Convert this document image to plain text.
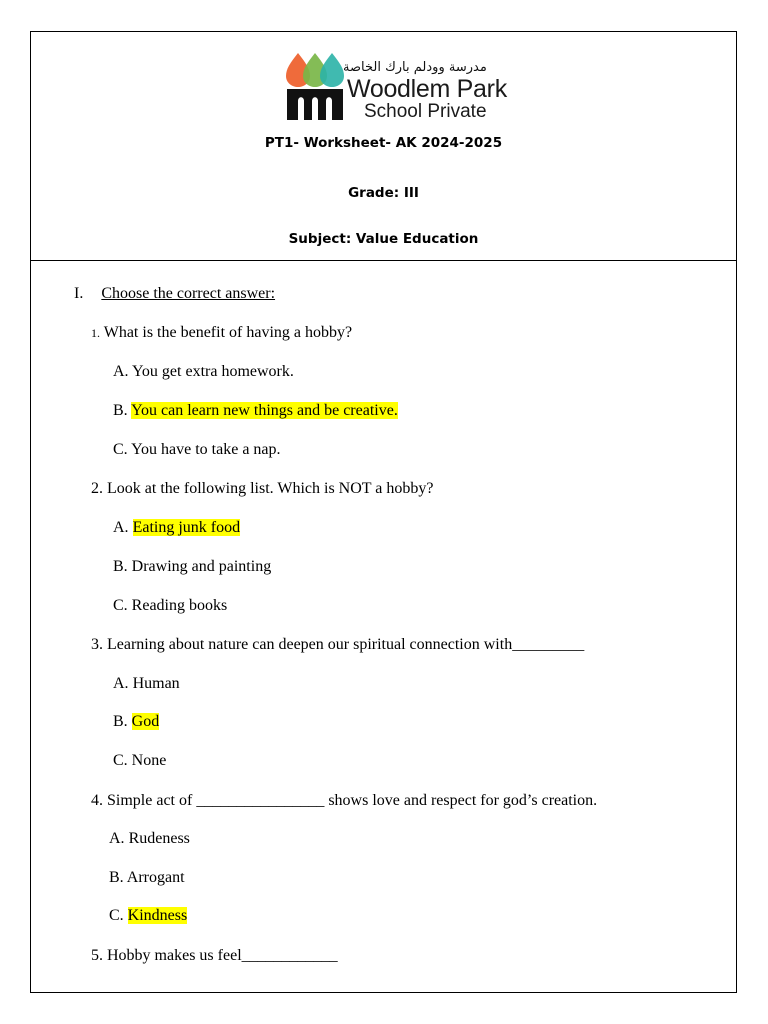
مدرسة وودلم بارك الخاصة
Woodlem Park
School Private
PT1- Worksheet- AK 2024-2025
Grade: III
Subject: Value Education
I. Choose the correct answer:
1. What is the benefit of having a hobby?
A. You get extra homework.
B. You can learn new things and be creative.
C. You have to take a nap.
2. Look at the following list. Which is NOT a hobby?
A. Eating junk food
B. Drawing and painting
C. Reading books
3. Learning about nature can deepen our spiritual connection with_________
A. Human
B. God
C. None
4. Simple act of ________________ shows love and respect for god’s creation.
A. Rudeness
B. Arrogant
C. Kindness
5. Hobby makes us feel____________
